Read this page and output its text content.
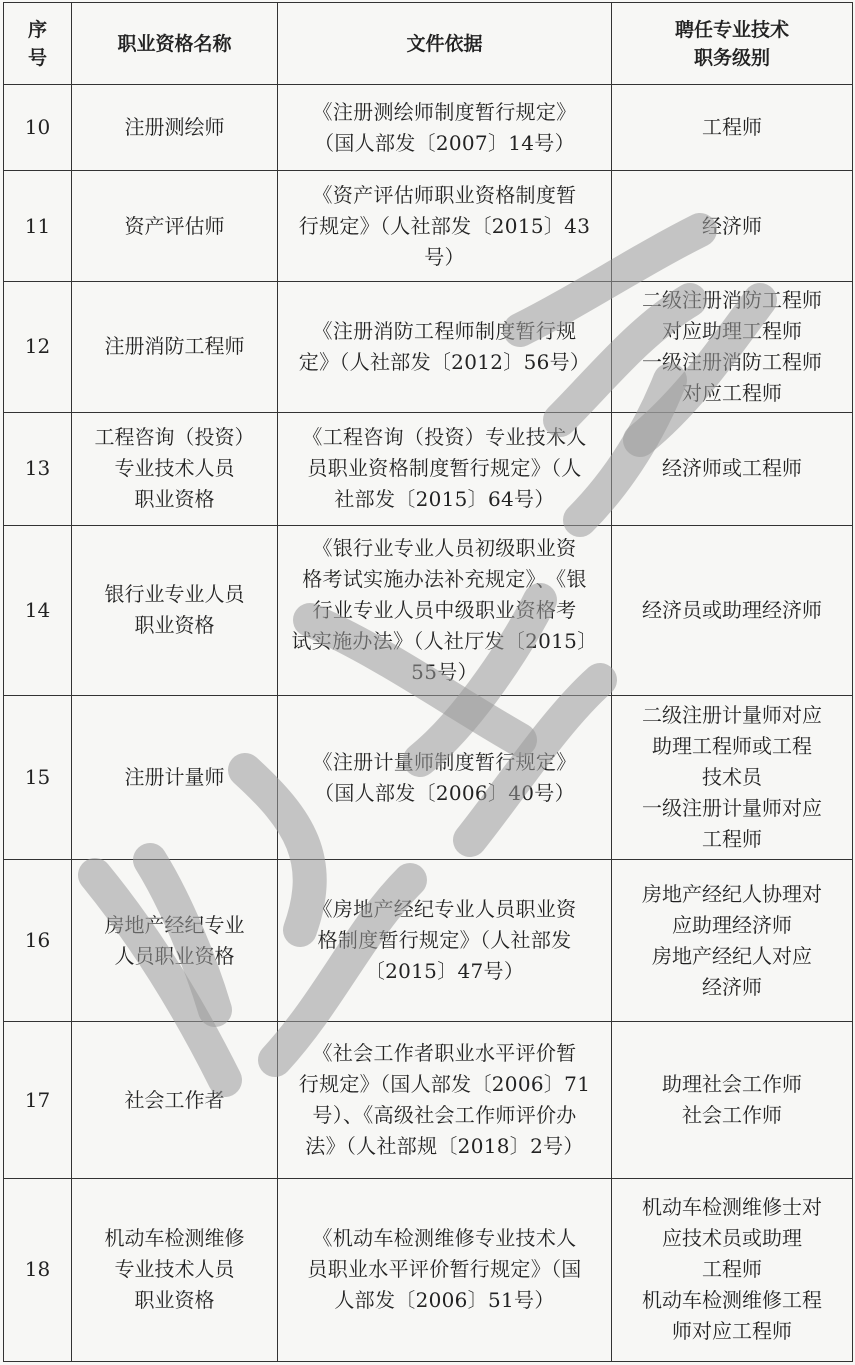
序
号	职业资格名称	文件依据	聘任专业技术
职务级别

10	注册测绘师	《注册测绘师制度暂行规定》
（国人部发〔2007〕14号）	工程师

11	资产评估师	《资产评估师职业资格制度暂
行规定》（人社部发〔2015〕43
号）	经济师

12	注册消防工程师	《注册消防工程师制度暂行规
定》（人社部发〔2012〕56号）	二级注册消防工程师
对应助理工程师
一级注册消防工程师
对应工程师

13	工程咨询（投资）
专业技术人员
职业资格	《工程咨询（投资）专业技术人
员职业资格制度暂行规定》（人
社部发〔2015〕64号）	经济师或工程师

14	银行业专业人员
职业资格	《银行业专业人员初级职业资
格考试实施办法补充规定》、《银
行业专业人员中级职业资格考
试实施办法》（人社厅发〔2015〕
55号）	经济员或助理经济师

15	注册计量师	《注册计量师制度暂行规定》
（国人部发〔2006〕40号）	二级注册计量师对应
助理工程师或工程
技术员
一级注册计量师对应
工程师

16	房地产经纪专业
人员职业资格	《房地产经纪专业人员职业资
格制度暂行规定》（人社部发
〔2015〕47号）	房地产经纪人协理对
应助理经济师
房地产经纪人对应
经济师

17	社会工作者	《社会工作者职业水平评价暂
行规定》（国人部发〔2006〕71
号）、《高级社会工作师评价办
法》（人社部规〔2018〕2号）	助理社会工作师
社会工作师

18	机动车检测维修
专业技术人员
职业资格	《机动车检测维修专业技术人
员职业水平评价暂行规定》（国
人部发〔2006〕51号）	机动车检测维修士对
应技术员或助理
工程师
机动车检测维修工程
师对应工程师
